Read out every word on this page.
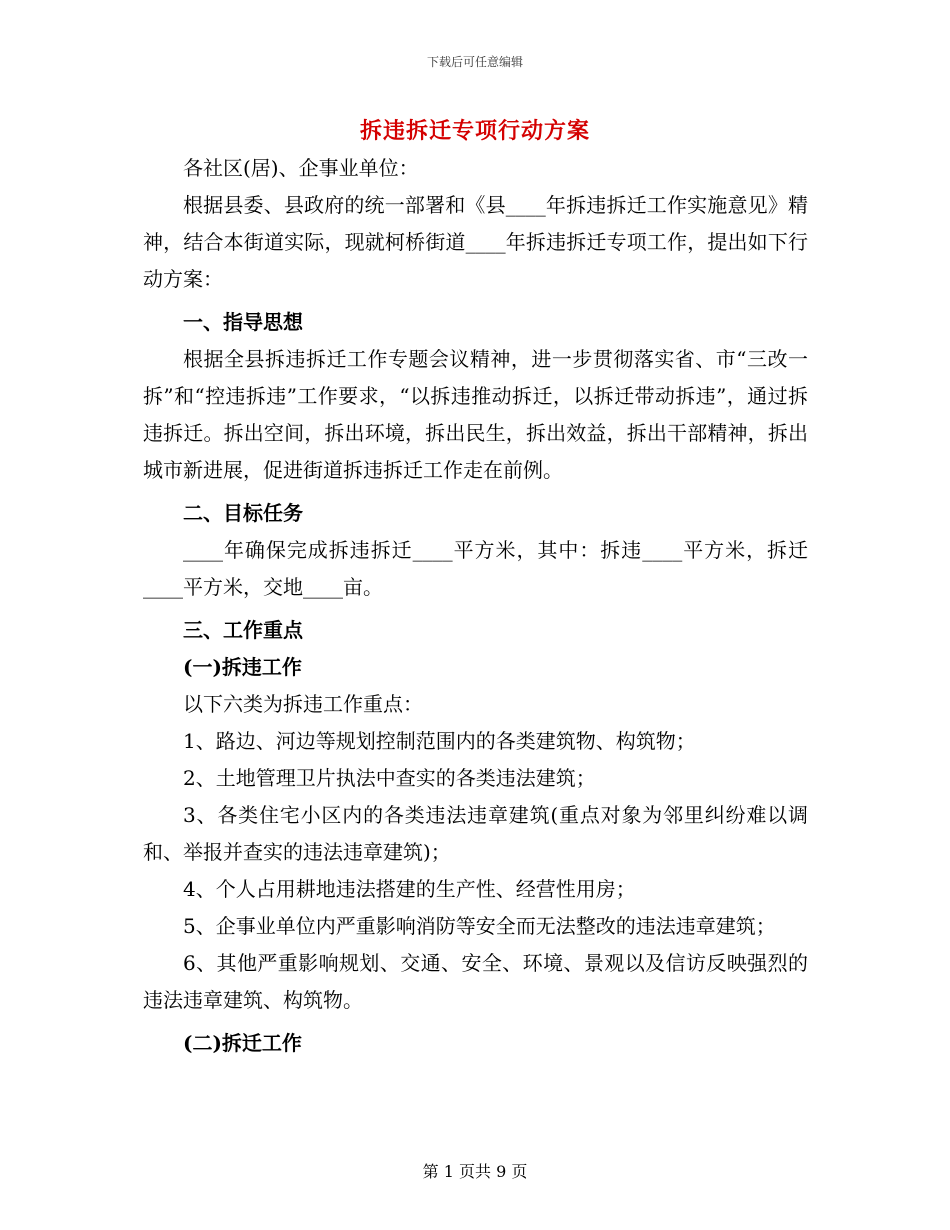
下载后可任意编辑
拆违拆迁专项行动方案

各社区(居)、企事业单位：

根据县委、县政府的统一部署和《县____年拆违拆迁工作实施意见》精神，结合本街道实际，现就柯桥街道____年拆违拆迁专项工作，提出如下行动方案：

一、指导思想

根据全县拆违拆迁工作专题会议精神，进一步贯彻落实省、市“三改一拆”和“控违拆违”工作要求，“以拆违推动拆迁，以拆迁带动拆违”，通过拆违拆迁。拆出空间，拆出环境，拆出民生，拆出效益，拆出干部精神，拆出城市新进展，促进街道拆违拆迁工作走在前例。

二、目标任务

____年确保完成拆违拆迁____平方米，其中：拆违____平方米，拆迁____平方米，交地____亩。

三、工作重点

(一)拆违工作

以下六类为拆违工作重点：

1、路边、河边等规划控制范围内的各类建筑物、构筑物；

2、土地管理卫片执法中查实的各类违法建筑；

3、各类住宅小区内的各类违法违章建筑(重点对象为邻里纠纷难以调和、举报并查实的违法违章建筑)；

4、个人占用耕地违法搭建的生产性、经营性用房；

5、企事业单位内严重影响消防等安全而无法整改的违法违章建筑；

6、其他严重影响规划、交通、安全、环境、景观以及信访反映强烈的违法违章建筑、构筑物。

(二)拆迁工作

第 1 页共 9 页
